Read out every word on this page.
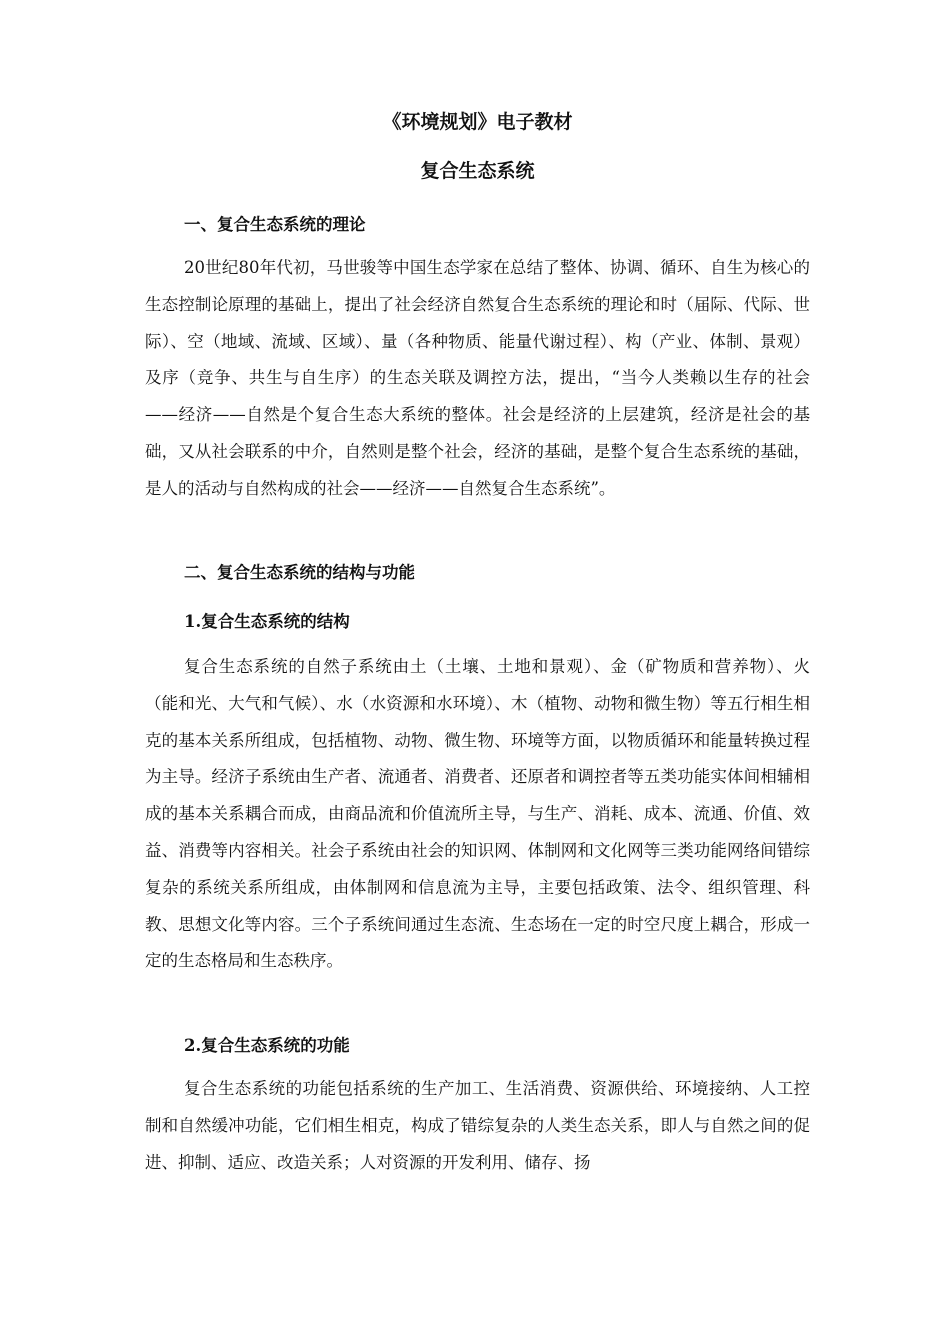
《环境规划》电子教材
复合生态系统
一、复合生态系统的理论

20世纪80年代初，马世骏等中国生态学家在总结了整体、协调、循环、自生为核心的生态控制论原理的基础上，提出了社会经济自然复合生态系统的理论和时（届际、代际、世际）、空（地域、流域、区域）、量（各种物质、能量代谢过程）、构（产业、体制、景观）及序（竞争、共生与自生序）的生态关联及调控方法，提出，“当今人类赖以生存的社会——经济——自然是个复合生态大系统的整体。社会是经济的上层建筑，经济是社会的基础，又从社会联系的中介，自然则是整个社会，经济的基础，是整个复合生态系统的基础，是人的活动与自然构成的社会——经济——自然复合生态系统”。

二、复合生态系统的结构与功能
1.复合生态系统的结构

复合生态系统的自然子系统由土（土壤、土地和景观）、金（矿物质和营养物）、火（能和光、大气和气候）、水（水资源和水环境）、木（植物、动物和微生物）等五行相生相克的基本关系所组成，包括植物、动物、微生物、环境等方面，以物质循环和能量转换过程为主导。经济子系统由生产者、流通者、消费者、还原者和调控者等五类功能实体间相辅相成的基本关系耦合而成，由商品流和价值流所主导，与生产、消耗、成本、流通、价值、效益、消费等内容相关。社会子系统由社会的知识网、体制网和文化网等三类功能网络间错综复杂的系统关系所组成，由体制网和信息流为主导，主要包括政策、法令、组织管理、科教、思想文化等内容。三个子系统间通过生态流、生态场在一定的时空尺度上耦合，形成一定的生态格局和生态秩序。

2.复合生态系统的功能

复合生态系统的功能包括系统的生产加工、生活消费、资源供给、环境接纳、人工控制和自然缓冲功能，它们相生相克，构成了错综复杂的人类生态关系，即人与自然之间的促进、抑制、适应、改造关系；人对资源的开发利用、储存、扬
